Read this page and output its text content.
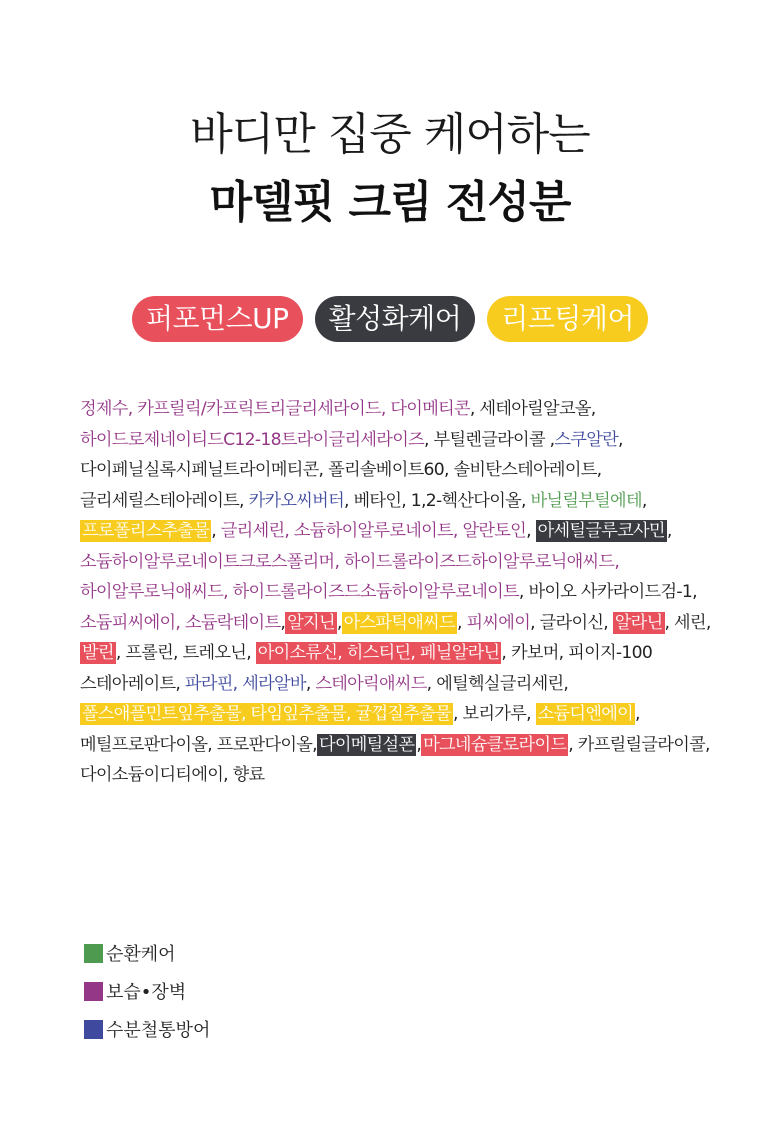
바디만 집중 케어하는
마델핏 크림 전성분
퍼포먼스UP	활성화케어	리프팅케어
정제수, 카프릴릭/카프릭트리글리세라이드, 다이메티콘, 세테아릴알코올, 하이드로제네이티드C12-18트라이글리세라이즈, 부틸렌글라이콜 ,스쿠알란, 다이페닐실록시페닐트라이메티콘, 폴리솔베이트60, 솔비탄스테아레이트, 글리세릴스테아레이트, 카카오씨버터, 베타인, 1,2-헥산다이올, 바닐릴부틸에테, 프로폴리스추출물 , 글리세린, 소듐하이알루로네이트, 알란토인, 아세틸글루코사민 , 소듐하이알루로네이트크로스폴리머, 하이드롤라이즈드하이알루로닉애씨드, 하이알루로닉애씨드, 하이드롤라이즈드소듐하이알루로네이트, 바이오 사카라이드검-1, 소듐피씨에이, 소듐락테이트, 알지닌 , 아스파틱애씨드 , 피씨에이, 글라이신, 알라닌 , 세린, 발린 , 프롤린, 트레오닌, 아이소류신, 히스티딘, 페닐알라닌 , 카보머, 피이지-100 스테아레이트, 파라핀, 세라알바, 스테아릭애씨드, 에틸헥실글리세린, 폴스애플민트잎추출물, 타임잎추출물, 귤껍질추출물 , 보리가루, 소듐디엔에이 , 메틸프로판다이올, 프로판다이올, 다이메틸설폰 , 마그네슘클로라이드 , 카프릴릴글라이콜, 다이소듐이디티에이, 향료
순환케어
보습•장벽
수분철통방어
